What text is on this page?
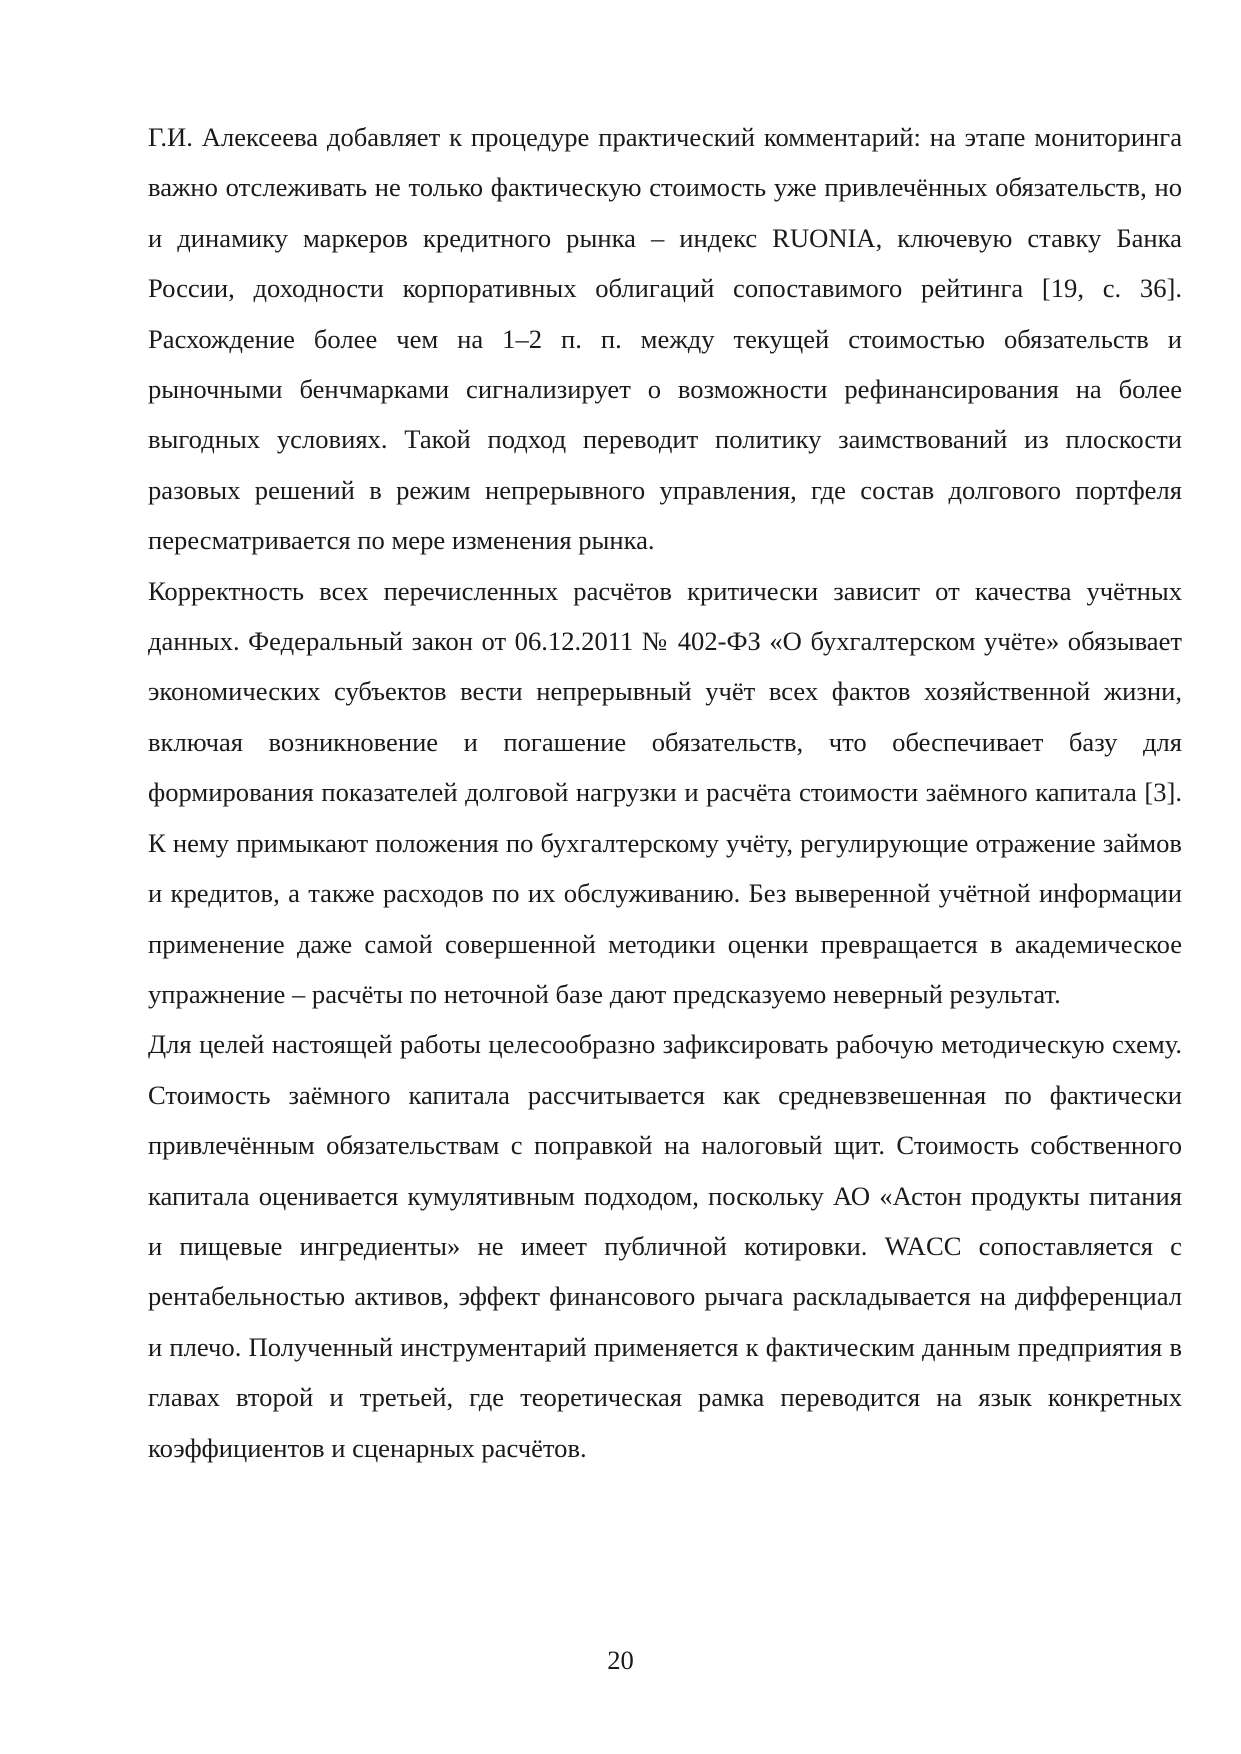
Г.И. Алексеева добавляет к процедуре практический комментарий: на этапе мониторинга важно отслеживать не только фактическую стоимость уже привлечённых обязательств, но и динамику маркеров кредитного рынка – индекс RUONIA, ключевую ставку Банка России, доходности корпоративных облигаций сопоставимого рейтинга [19, с. 36]. Расхождение более чем на 1–2 п. п. между текущей стоимостью обязательств и рыночными бенчмарками сигнализирует о возможности рефинансирования на более выгодных условиях. Такой подход переводит политику заимствований из плоскости разовых решений в режим непрерывного управления, где состав долгового портфеля пересматривается по мере изменения рынка.

Корректность всех перечисленных расчётов критически зависит от качества учётных данных. Федеральный закон от 06.12.2011 № 402-ФЗ «О бухгалтерском учёте» обязывает экономических субъектов вести непрерывный учёт всех фактов хозяйственной жизни, включая возникновение и погашение обязательств, что обеспечивает базу для формирования показателей долговой нагрузки и расчёта стоимости заёмного капитала [3]. К нему примыкают положения по бухгалтерскому учёту, регулирующие отражение займов и кредитов, а также расходов по их обслуживанию. Без выверенной учётной информации применение даже самой совершенной методики оценки превращается в академическое упражнение – расчёты по неточной базе дают предсказуемо неверный результат.

Для целей настоящей работы целесообразно зафиксировать рабочую методическую схему. Стоимость заёмного капитала рассчитывается как средневзвешенная по фактически привлечённым обязательствам с поправкой на налоговый щит. Стоимость собственного капитала оценивается кумулятивным подходом, поскольку АО «Астон продукты питания и пищевые ингредиенты» не имеет публичной котировки. WACC сопоставляется с рентабельностью активов, эффект финансового рычага раскладывается на дифференциал и плечо. Полученный инструментарий применяется к фактическим данным предприятия в главах второй и третьей, где теоретическая рамка переводится на язык конкретных коэффициентов и сценарных расчётов.

20
